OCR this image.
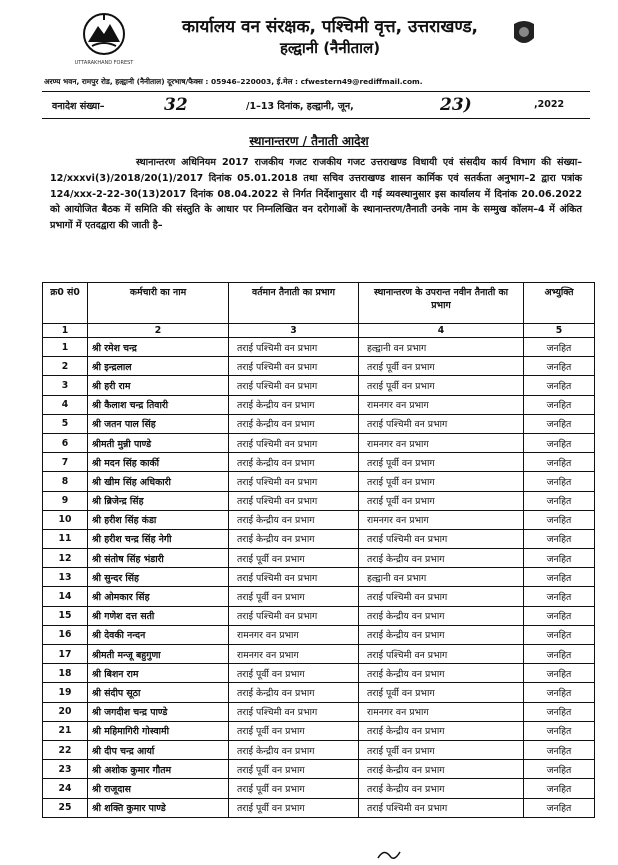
UTTARAKHAND FOREST
कार्यालय वन संरक्षक, पश्चिमी वृत्त, उत्तराखण्ड,
हल्द्वानी (नैनीताल)
अरण्य भवन, रामपुर रोड, हल्द्वानी (नैनीताल) दूरभाष/फैक्स : 05946–220003, ई.मेल : cfwestern49@rediffmail.com.
वनादेश संख्या–	32	/1–13 दिनांक, हल्द्वानी, जून,	23)	,2022
स्थानान्तरण / तैनाती आदेश
स्थानान्तरण अधिनियम 2017 राजकीय गजट राजकीय गजट उत्तराखण्ड विधायी एवं संसदीय कार्य विभाग की संख्या–12/xxxvi(3)/2018/20(1)/2017 दिनांक 05.01.2018 तथा सचिव उत्तराखण्ड शासन कार्मिक एवं सतर्कता अनुभाग–2 द्वारा पत्रांक 124/xxx-2-22-30(13)2017 दिनांक 08.04.2022 से निर्गत निर्देशानुसार दी गई व्यवस्थानुसार इस कार्यालय में दिनांक 20.06.2022 को आयोजित बैठक में समिति की संस्तुति के आधार पर निम्नलिखित वन दरोगाओं के स्थानान्तरण/तैनाती उनके नाम के सम्मुख कॉलम–4 में अंकित प्रभागों में एतदद्वारा की जाती है–
क्र0 सं0	कर्मचारी का नाम	वर्तमान तैनाती का प्रभाग	स्थानान्तरण के उपरान्त नवीन तैनाती का प्रभाग	अभ्युक्ति
1	2	3	4	5
1	श्री रमेश चन्द्र	तराई पश्चिमी वन प्रभाग	हल्द्वानी वन प्रभाग	जनहित
2	श्री इन्द्रलाल	तराई पश्चिमी वन प्रभाग	तराई पूर्वी वन प्रभाग	जनहित
3	श्री हरी राम	तराई पश्चिमी वन प्रभाग	तराई पूर्वी वन प्रभाग	जनहित
4	श्री कैलाश चन्द्र तिवारी	तराई केन्द्रीय वन प्रभाग	रामनगर वन प्रभाग	जनहित
5	श्री जतन पाल सिंह	तराई केन्द्रीय वन प्रभाग	तराई पश्चिमी वन प्रभाग	जनहित
6	श्रीमती मुन्नी पाण्डे	तराई पश्चिमी वन प्रभाग	रामनगर वन प्रभाग	जनहित
7	श्री मदन सिंह कार्की	तराई केन्द्रीय वन प्रभाग	तराई पूर्वी वन प्रभाग	जनहित
8	श्री खीम सिंह अधिकारी	तराई पश्चिमी वन प्रभाग	तराई पूर्वी वन प्रभाग	जनहित
9	श्री ब्रिजेन्द्र सिंह	तराई पश्चिमी वन प्रभाग	तराई पूर्वी वन प्रभाग	जनहित
10	श्री हरीश सिंह कंडा	तराई केन्द्रीय वन प्रभाग	रामनगर वन प्रभाग	जनहित
11	श्री हरीश चन्द्र सिंह नेगी	तराई केन्द्रीय वन प्रभाग	तराई पश्चिमी वन प्रभाग	जनहित
12	श्री संतोष सिंह भंडारी	तराई पूर्वी वन प्रभाग	तराई केन्द्रीय वन प्रभाग	जनहित
13	श्री सुन्दर सिंह	तराई पश्चिमी वन प्रभाग	हल्द्वानी वन प्रभाग	जनहित
14	श्री ओमकार सिंह	तराई पूर्वी वन प्रभाग	तराई पश्चिमी वन प्रभाग	जनहित
15	श्री गणेश दत्त सती	तराई पश्चिमी वन प्रभाग	तराई केन्द्रीय वन प्रभाग	जनहित
16	श्री देवकी नन्दन	रामनगर वन प्रभाग	तराई केन्द्रीय वन प्रभाग	जनहित
17	श्रीमती मन्जू बहुगुणा	रामनगर वन प्रभाग	तराई पश्चिमी वन प्रभाग	जनहित
18	श्री बिशन राम	तराई पूर्वी वन प्रभाग	तराई केन्द्रीय वन प्रभाग	जनहित
19	श्री संदीप सूठा	तराई केन्द्रीय वन प्रभाग	तराई पूर्वी वन प्रभाग	जनहित
20	श्री जगदीश चन्द्र पाण्डे	तराई पश्चिमी वन प्रभाग	रामनगर वन प्रभाग	जनहित
21	श्री महिमागिरी गोस्वामी	तराई पूर्वी वन प्रभाग	तराई केन्द्रीय वन प्रभाग	जनहित
22	श्री दीप चन्द्र आर्या	तराई केन्द्रीय वन प्रभाग	तराई पूर्वी वन प्रभाग	जनहित
23	श्री अशोक कुमार गौतम	तराई पूर्वी वन प्रभाग	तराई केन्द्रीय वन प्रभाग	जनहित
24	श्री राजूदास	तराई पूर्वी वन प्रभाग	तराई केन्द्रीय वन प्रभाग	जनहित
25	श्री शक्ति कुमार पाण्डे	तराई पूर्वी वन प्रभाग	तराई पश्चिमी वन प्रभाग	जनहित
